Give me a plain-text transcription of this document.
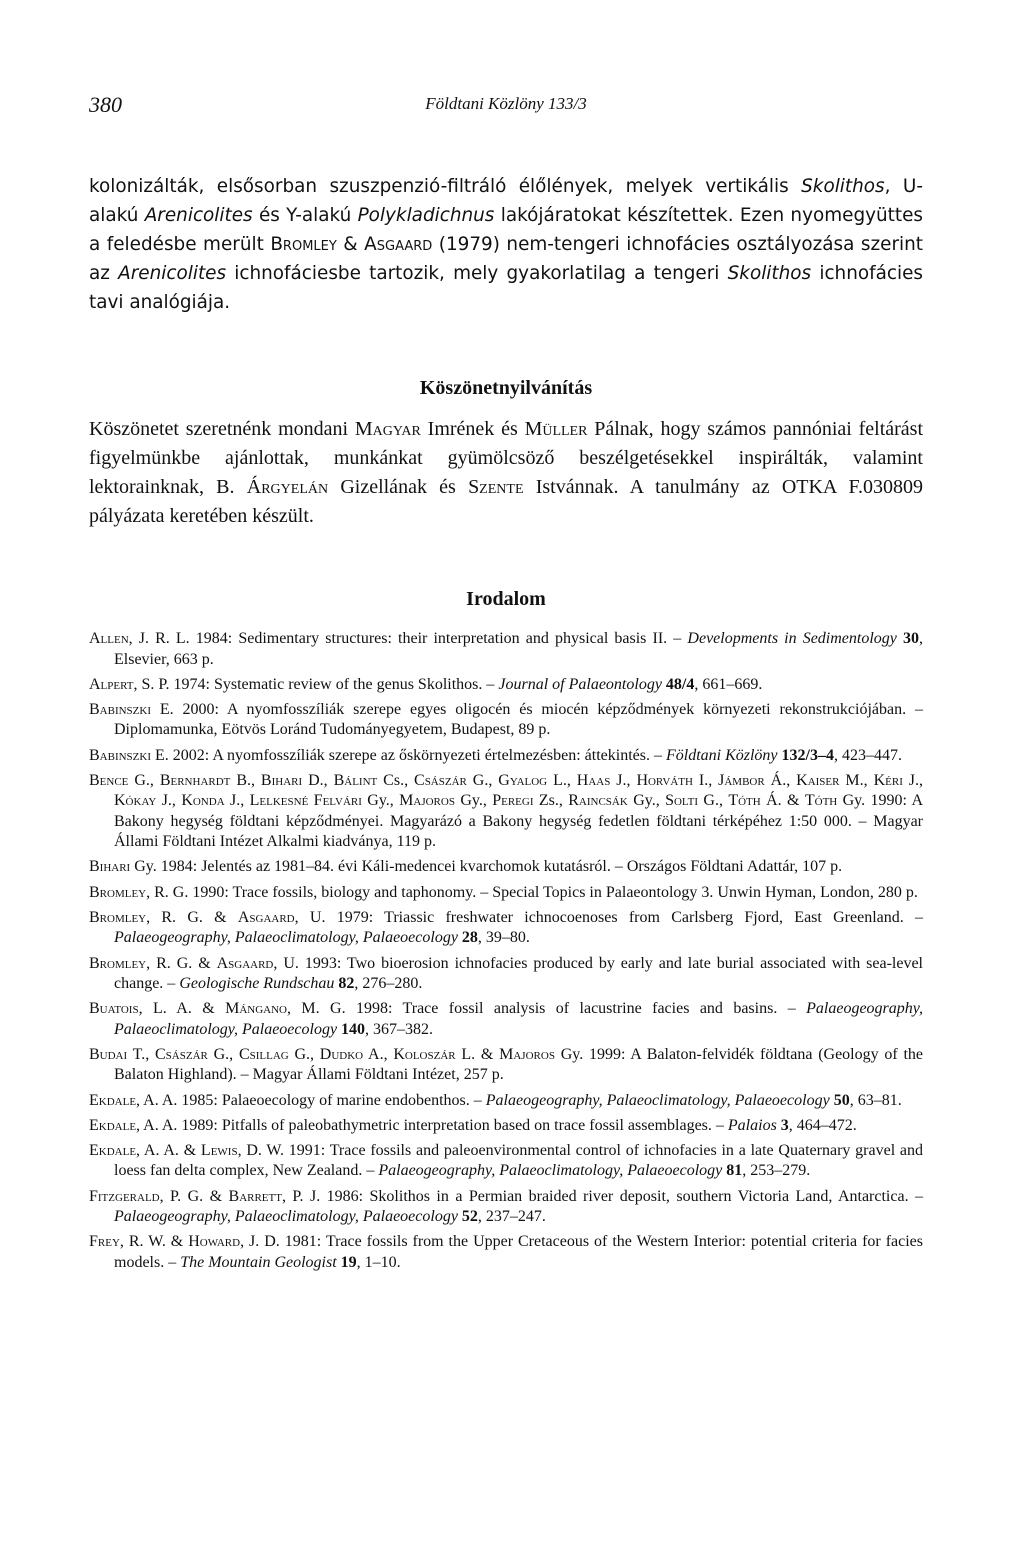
380	Földtani Közlöny 133/3

kolonizálták, elsősorban szuszpenzió-filtráló élőlények, melyek vertikális Skolithos, U-alakú Arenicolites és Y-alakú Polykladichnus lakójáratokat készítettek. Ezen nyomegyüttes a feledésbe merült Bromley & Asgaard (1979) nem-tengeri ichnofácies osztályozása szerint az Arenicolites ichnofáciesbe tartozik, mely gyakorlatilag a tengeri Skolithos ichnofácies tavi analógiája.

Köszönetnyilvánítás

Köszönetet szeretnénk mondani Magyar Imrének és Müller Pálnak, hogy számos pannóniai feltárást figyelmünkbe ajánlottak, munkánkat gyümölcsöző beszélgetésekkel inspirálták, valamint lektorainknak, B. Árgyelán Gizellának és Szente Istvánnak. A tanulmány az OTKA F.030809 pályázata keretében készült.

Irodalom
Allen, J. R. L. 1984: Sedimentary structures: their interpretation and physical basis II. – Developments in Sedimentology 30, Elsevier, 663 p.
Alpert, S. P. 1974: Systematic review of the genus Skolithos. – Journal of Palaeontology 48/4, 661–669.
Babinszki E. 2000: A nyomfosszíliák szerepe egyes oligocén és miocén képződmények környezeti rekonstrukciójában. – Diplomamunka, Eötvös Loránd Tudományegyetem, Budapest, 89 p.
Babinszki E. 2002: A nyomfosszíliák szerepe az őskörnyezeti értelmezésben: áttekintés. – Földtani Közlöny 132/3–4, 423–447.
Bence G., Bernhardt B., Bihari D., Bálint Cs., Császár G., Gyalog L., Haas J., Horváth I., Jámbor Á., Kaiser M., Kéri J., Kókay J., Konda J., Lelkesné Felvári Gy., Majoros Gy., Peregi Zs., Raincsák Gy., Solti G., Tóth Á. & Tóth Gy. 1990: A Bakony hegység földtani képződményei. Magyarázó a Bakony hegység fedetlen földtani térképéhez 1:50 000. – Magyar Állami Földtani Intézet Alkalmi kiadványa, 119 p.
Bihari Gy. 1984: Jelentés az 1981–84. évi Káli-medencei kvarchomok kutatásról. – Országos Földtani Adattár, 107 p.
Bromley, R. G. 1990: Trace fossils, biology and taphonomy. – Special Topics in Palaeontology 3. Unwin Hyman, London, 280 p.
Bromley, R. G. & Asgaard, U. 1979: Triassic freshwater ichnocoenoses from Carlsberg Fjord, East Greenland. – Palaeogeography, Palaeoclimatology, Palaeoecology 28, 39–80.
Bromley, R. G. & Asgaard, U. 1993: Two bioerosion ichnofacies produced by early and late burial associated with sea-level change. – Geologische Rundschau 82, 276–280.
Buatois, L. A. & Mángano, M. G. 1998: Trace fossil analysis of lacustrine facies and basins. – Palaeogeography, Palaeoclimatology, Palaeoecology 140, 367–382.
Budai T., Császár G., Csillag G., Dudko A., Koloszár L. & Majoros Gy. 1999: A Balaton-felvidék földtana (Geology of the Balaton Highland). – Magyar Állami Földtani Intézet, 257 p.
Ekdale, A. A. 1985: Palaeoecology of marine endobenthos. – Palaeogeography, Palaeoclimatology, Palaeoecology 50, 63–81.
Ekdale, A. A. 1989: Pitfalls of paleobathymetric interpretation based on trace fossil assemblages. – Palaios 3, 464–472.
Ekdale, A. A. & Lewis, D. W. 1991: Trace fossils and paleoenvironmental control of ichnofacies in a late Quaternary gravel and loess fan delta complex, New Zealand. – Palaeogeography, Palaeoclimatology, Palaeoecology 81, 253–279.
Fitzgerald, P. G. & Barrett, P. J. 1986: Skolithos in a Permian braided river deposit, southern Victoria Land, Antarctica. – Palaeogeography, Palaeoclimatology, Palaeoecology 52, 237–247.
Frey, R. W. & Howard, J. D. 1981: Trace fossils from the Upper Cretaceous of the Western Interior: potential criteria for facies models. – The Mountain Geologist 19, 1–10.
